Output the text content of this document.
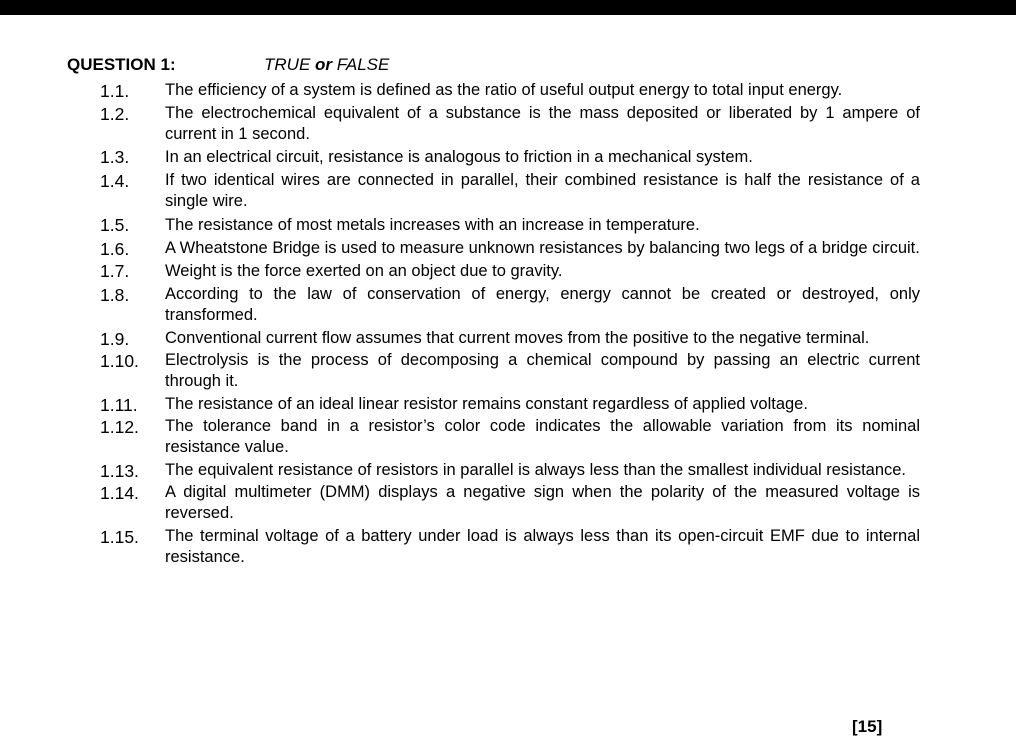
QUESTION 1:	TRUE or FALSE
1.1. The efficiency of a system is defined as the ratio of useful output energy to total input energy.
1.2. The electrochemical equivalent of a substance is the mass deposited or liberated by 1 ampere of current in 1 second.
1.3. In an electrical circuit, resistance is analogous to friction in a mechanical system.
1.4. If two identical wires are connected in parallel, their combined resistance is half the resistance of a single wire.
1.5. The resistance of most metals increases with an increase in temperature.
1.6. A Wheatstone Bridge is used to measure unknown resistances by balancing two legs of a bridge circuit.
1.7. Weight is the force exerted on an object due to gravity.
1.8. According to the law of conservation of energy, energy cannot be created or destroyed, only transformed.
1.9. Conventional current flow assumes that current moves from the positive to the negative terminal.
1.10. Electrolysis is the process of decomposing a chemical compound by passing an electric current through it.
1.11. The resistance of an ideal linear resistor remains constant regardless of applied voltage.
1.12. The tolerance band in a resistor’s color code indicates the allowable variation from its nominal resistance value.
1.13. The equivalent resistance of resistors in parallel is always less than the smallest individual resistance.
1.14. A digital multimeter (DMM) displays a negative sign when the polarity of the measured voltage is reversed.
1.15. The terminal voltage of a battery under load is always less than its open-circuit EMF due to internal resistance.
[15]
